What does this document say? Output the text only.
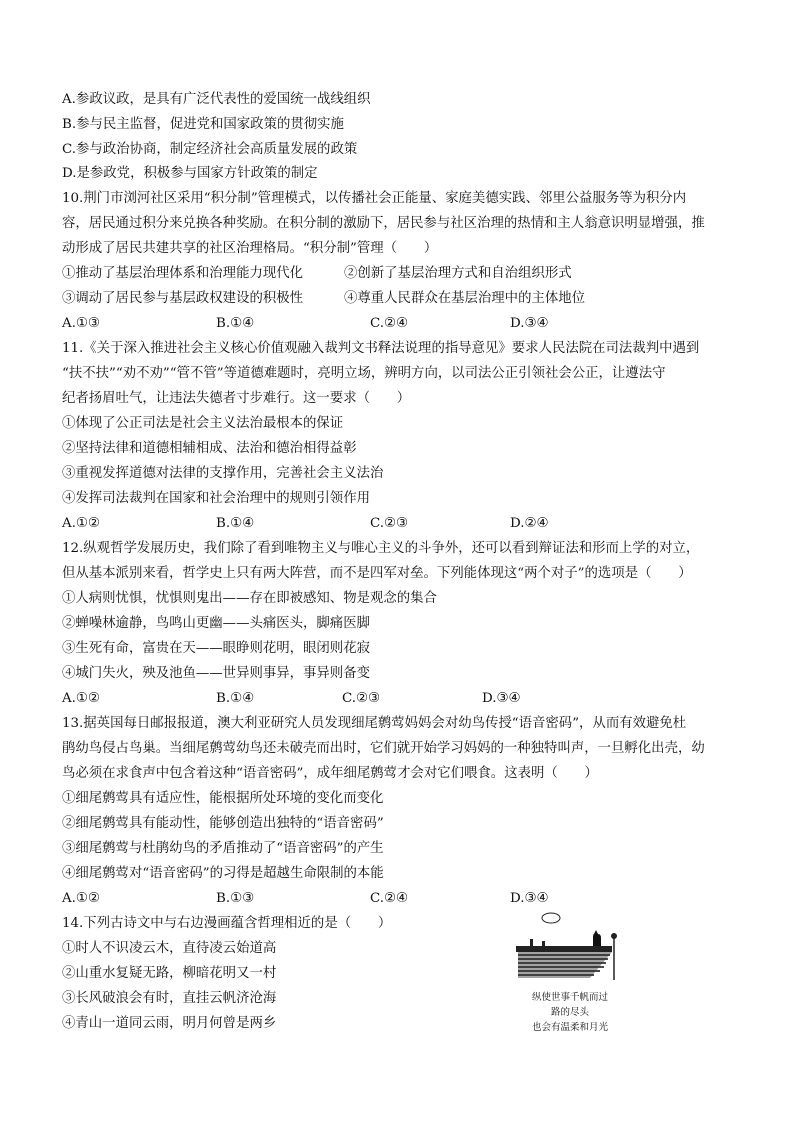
A.参政议政，是具有广泛代表性的爱国统一战线组织
B.参与民主监督，促进党和国家政策的贯彻实施
C.参与政治协商，制定经济社会高质量发展的政策
D.是参政党，积极参与国家方针政策的制定
10.荆门市浏河社区采用“积分制”管理模式，以传播社会正能量、家庭美德实践、邻里公益服务等为积分内
容，居民通过积分来兑换各种奖励。在积分制的激励下，居民参与社区治理的热情和主人翁意识明显增强，推
动形成了居民共建共享的社区治理格局。“积分制”管理（　　）
①推动了基层治理体系和治理能力现代化	②创新了基层治理方式和自治组织形式
③调动了居民参与基层政权建设的积极性	④尊重人民群众在基层治理中的主体地位
A.①③	B.①④	C.②④	D.③④
11.《关于深入推进社会主义核心价值观融入裁判文书释法说理的指导意见》要求人民法院在司法裁判中遇到
“扶不扶”“劝不劝”“管不管”等道德难题时，亮明立场，辨明方向，以司法公正引领社会公正，让遵法守
纪者扬眉吐气，让违法失德者寸步难行。这一要求（　　）
①体现了公正司法是社会主义法治最根本的保证
②坚持法律和道德相辅相成、法治和德治相得益彰
③重视发挥道德对法律的支撑作用，完善社会主义法治
④发挥司法裁判在国家和社会治理中的规则引领作用
A.①②	B.①④	C.②③	D.②④
12.纵观哲学发展历史，我们除了看到唯物主义与唯心主义的斗争外，还可以看到辩证法和形而上学的对立，
但从基本派别来看，哲学史上只有两大阵营，而不是四军对垒。下列能体现这“两个对子”的选项是（　　）
①人病则忧惧，忧惧则鬼出——存在即被感知、物是观念的集合
②蝉噪林逾静，鸟鸣山更幽——头痛医头，脚痛医脚
③生死有命，富贵在天——眼睁则花明，眼闭则花寂
④城门失火，殃及池鱼——世异则事异，事异则备变
A.①②	B.①④	C.②③	D.③④
13.据英国每日邮报报道，澳大利亚研究人员发现细尾鹩莺妈妈会对幼鸟传授“语音密码”，从而有效避免杜
鹃幼鸟侵占鸟巢。当细尾鹩莺幼鸟还未破壳而出时，它们就开始学习妈妈的一种独特叫声，一旦孵化出壳，幼
鸟必须在求食声中包含着这种“语音密码”，成年细尾鹩莺才会对它们喂食。这表明（　　）
①细尾鹩莺具有适应性，能根据所处环境的变化而变化
②细尾鹩莺具有能动性，能够创造出独特的“语音密码”
③细尾鹩莺与杜鹃幼鸟的矛盾推动了“语音密码”的产生
④细尾鹩莺对“语音密码”的习得是超越生命限制的本能
A.①②	B.①③	C.②④	D.③④
14.下列古诗文中与右边漫画蕴含哲理相近的是（　　）
①时人不识凌云木，直待凌云始道高
②山重水复疑无路，柳暗花明又一村
③长风破浪会有时，直挂云帆济沧海
④青山一道同云雨，明月何曾是两乡
纵使世事千帆而过
路的尽头
也会有温柔和月光
